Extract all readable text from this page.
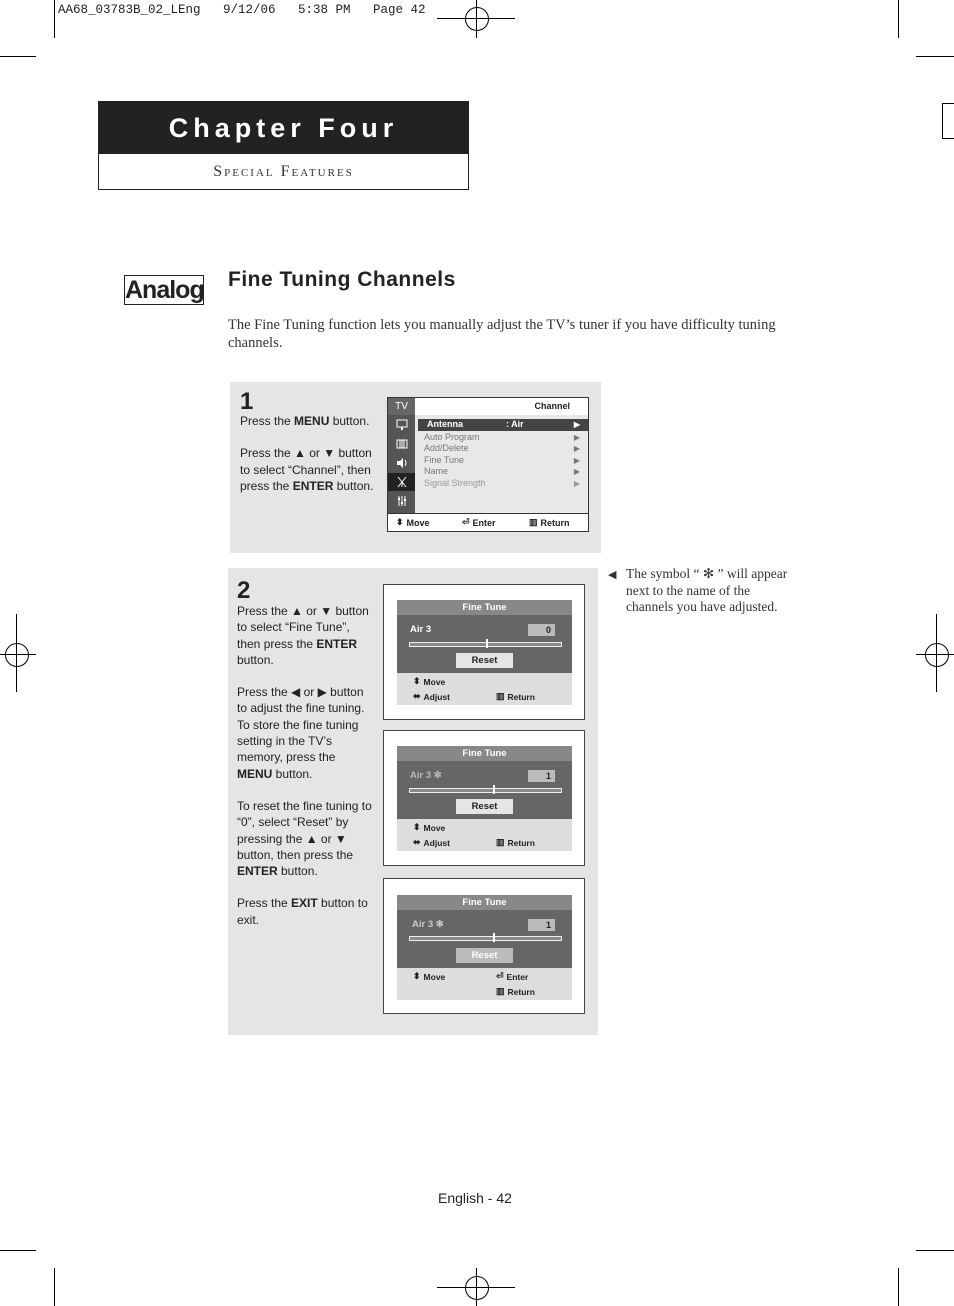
AA68_03783B_02_LEng   9/12/06   5:38 PM   Page 42
Chapter Four
Special Features
Analog Fine Tuning Channels
The Fine Tuning function lets you manually adjust the TV’s tuner if you have difficulty tuning channels.
1

Press the MENU button.

Press the ▲ or ▼ button to select “Channel”, then press the ENTER button.

TV	Channel
Antenna	: Air	▶
Auto Program	▶
Add/Delete	▶
Fine Tune	▶
Name	▶
Signal Strength	▶
⬍ Move	⏎ Enter	▥ Return
2

Press the ▲ or ▼ button to select “Fine Tune”, then press the ENTER button.

Press the ◀ or ▶ button to adjust the fine tuning. To store the fine tuning setting in the TV’s memory, press the MENU button.

To reset the fine tuning to “0”, select “Reset” by pressing the ▲ or ▼ button, then press the ENTER button.

Press the EXIT button to exit.

Fine Tune
Air 3	0
Reset
⬍ Move
⬌ Adjust	▥ Return
Fine Tune
Air 3 ✻	1
Reset
⬍ Move
⬌ Adjust	▥ Return
Fine Tune
Air 3 ✻	1
Reset
⬍ Move	⏎ Enter
▥ Return
◀ The symbol “ ✻ ” will appear next to the name of the channels you have adjusted.
English - 42
